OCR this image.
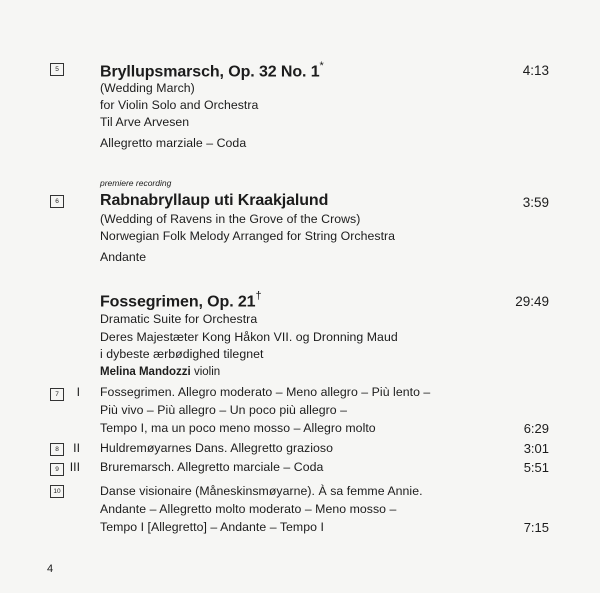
5	Bryllupsmarsch, Op. 32 No. 1*	4:13
(Wedding March)
for Violin Solo and Orchestra
Til Arve Arvesen
Allegretto marziale – Coda
premiere recording
6	Rabnabryllaup uti Kraakjalund	3:59
(Wedding of Ravens in the Grove of the Crows)
Norwegian Folk Melody Arranged for String Orchestra
Andante
Fossegrimen, Op. 21†	29:49
Dramatic Suite for Orchestra
Deres Majestæter Kong Håkon VII. og Dronning Maud
i dybeste ærbødighed tilegnet
Melina Mandozzi violin
7	I Fossegrimen. Allegro moderato – Meno allegro – Più lento –
Più vivo – Più allegro – Un poco più allegro –
Tempo I, ma un poco meno mosso – Allegro molto	6:29
8	II Huldremøyarnes Dans. Allegretto grazioso	3:01
9 III Bruremarsch. Allegretto marciale – Coda	5:51
10	Danse visionaire (Måneskinsmøyarne). À sa femme Annie.
Andante – Allegretto molto moderato – Meno mosso –
Tempo I [Allegretto] – Andante – Tempo I	7:15
4
